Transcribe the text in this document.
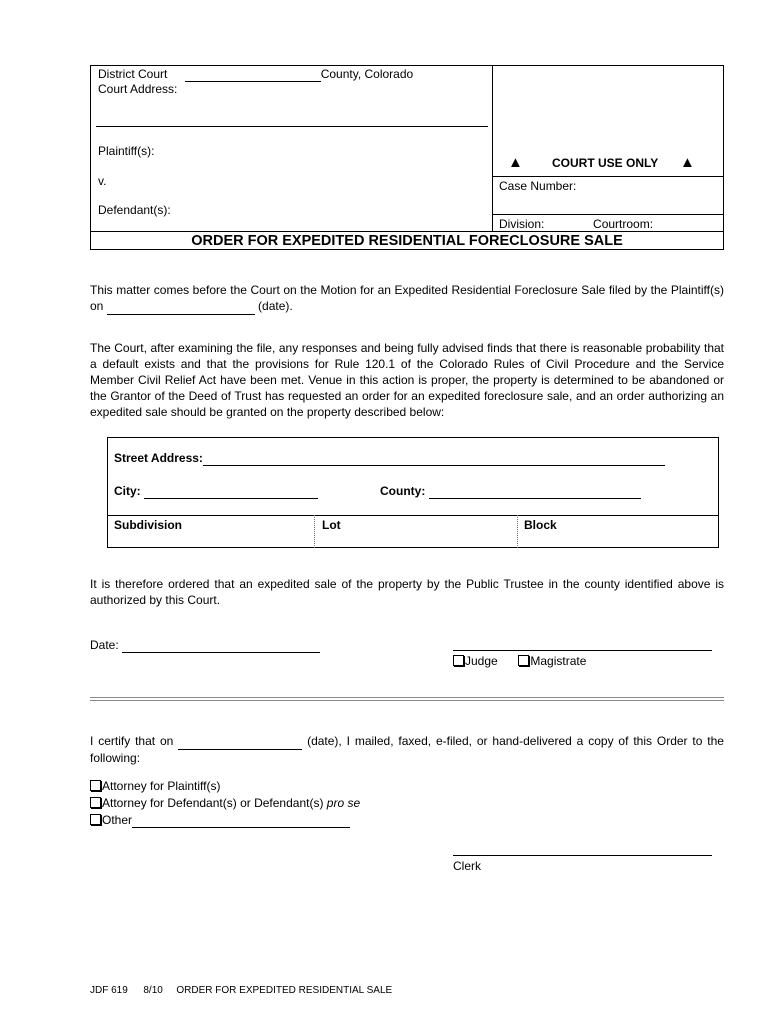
District Court	County, Colorado
Court Address:
Plaintiff(s):
v.
Defendant(s):
▲ COURT USE ONLY ▲
Case Number:
Division:	Courtroom:
ORDER FOR EXPEDITED RESIDENTIAL FORECLOSURE SALE
This matter comes before the Court on the Motion for an Expedited Residential Foreclosure Sale filed by the Plaintiff(s) on	(date).
The Court, after examining the file, any responses and being fully advised finds that there is reasonable probability that a default exists and that the provisions for Rule 120.1 of the Colorado Rules of Civil Procedure and the Service Member Civil Relief Act have been met. Venue in this action is proper, the property is determined to be abandoned or the Grantor of the Deed of Trust has requested an order for an expedited foreclosure sale, and an order authorizing an expedited sale should be granted on the property described below:
Street Address:
City:	County:
Subdivision	Lot	Block
It is therefore ordered that an expedited sale of the property by the Public Trustee in the county identified above is authorized by this Court.
Date:
Judge	Magistrate
I certify that on	(date), I mailed, faxed, e-filed, or hand-delivered a copy of this Order to the following:
Attorney for Plaintiff(s)
Attorney for Defendant(s) or Defendant(s) pro se
Other
Clerk
JDF 619 8/10 ORDER FOR EXPEDITED RESIDENTIAL SALE
